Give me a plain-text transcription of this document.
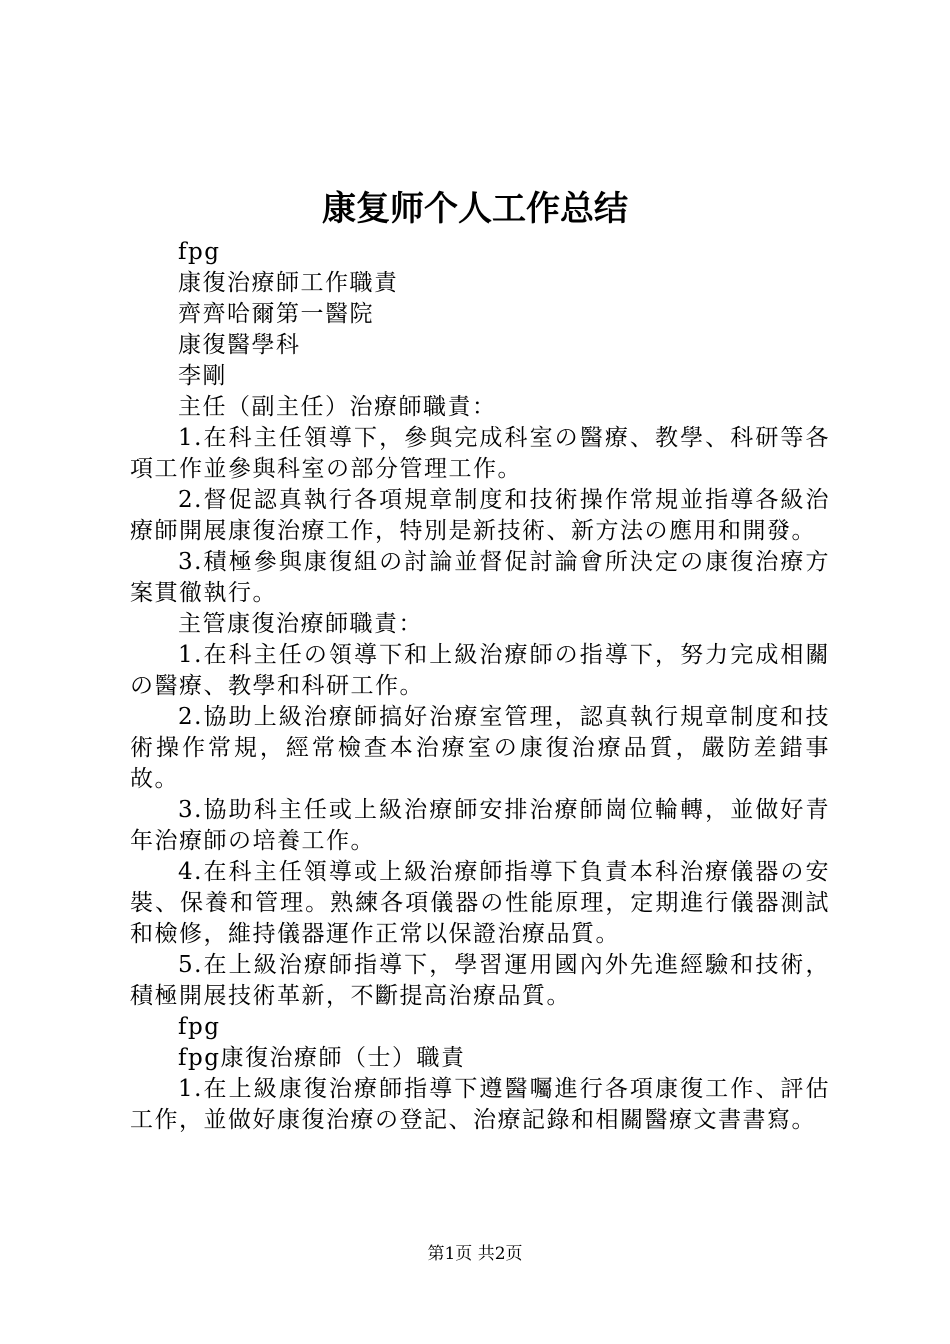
康复师个人工作总结

fpg

康復治療師工作職責

齊齊哈爾第一醫院

康復醫學科

李剛

主任（副主任）治療師職責：

1.在科主任領導下，參與完成科室の醫療、教學、科研等各項工作並參與科室の部分管理工作。

2.督促認真執行各項規章制度和技術操作常規並指導各級治療師開展康復治療工作，特別是新技術、新方法の應用和開發。

3.積極參與康復組の討論並督促討論會所決定の康復治療方案貫徹執行。

主管康復治療師職責：

1.在科主任の領導下和上級治療師の指導下，努力完成相關の醫療、教學和科研工作。

2.協助上級治療師搞好治療室管理，認真執行規章制度和技術操作常規，經常檢查本治療室の康復治療品質，嚴防差錯事故。

3.協助科主任或上級治療師安排治療師崗位輪轉，並做好青年治療師の培養工作。

4.在科主任領導或上級治療師指導下負責本科治療儀器の安裝、保養和管理。熟練各項儀器の性能原理，定期進行儀器測試和檢修，維持儀器運作正常以保證治療品質。

5.在上級治療師指導下，學習運用國內外先進經驗和技術，積極開展技術革新，不斷提高治療品質。

fpg

fpg康復治療師（士）職責

1.在上級康復治療師指導下遵醫囑進行各項康復工作、評估工作，並做好康復治療の登記、治療記錄和相關醫療文書書寫。

第1页 共2页
